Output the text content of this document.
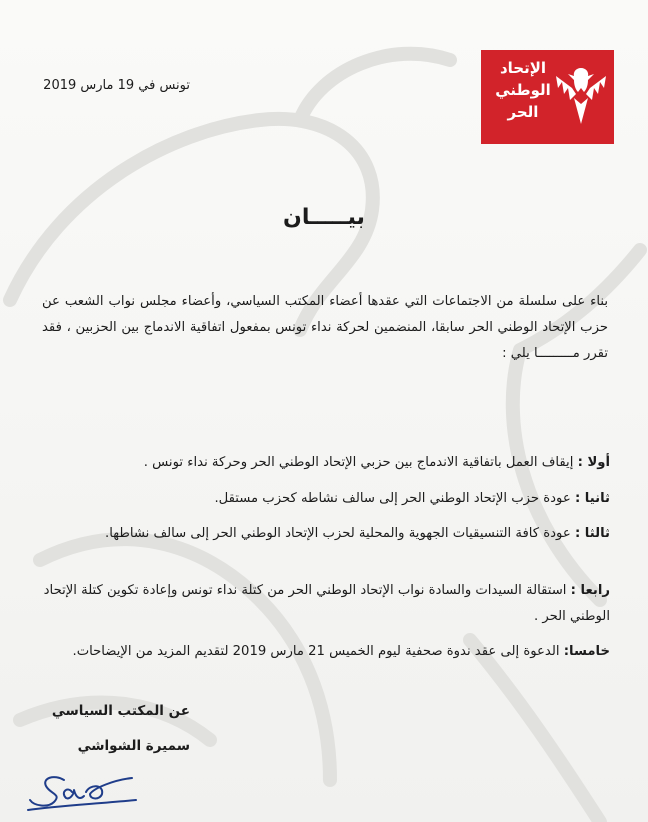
الإتحاد
الوطني
الحر
تونس في 19 مارس 2019
بيـــــان
بناء على سلسلة من الاجتماعات التي عقدها أعضاء المكتب السياسي، وأعضاء مجلس نواب الشعب عن حزب الإتحاد الوطني الحر سابقا، المنضمين لحركة نداء تونس بمفعول اتفاقية الاندماج بين الحزبين ، فقد تقرر مـــــــــا يلي :
أولا : إيقاف العمل باتفاقية الاندماج بين حزبي الإتحاد الوطني الحر وحركة نداء تونس .
ثانيا : عودة حزب الإتحاد الوطني الحر إلى سالف نشاطه كحزب مستقل.
ثالثا : عودة كافة التنسيقيات الجهوية والمحلية لحزب الإتحاد الوطني الحر إلى سالف نشاطها.
رابعا : استقالة السيدات والسادة نواب الإتحاد الوطني الحر من كتلة نداء تونس وإعادة تكوين كتلة الإتحاد الوطني الحر .
خامسا: الدعوة إلى عقد ندوة صحفية ليوم الخميس 21 مارس 2019 لتقديم المزيد من الإيضاحات.
عن المكتب السياسي
سميرة الشواشي
